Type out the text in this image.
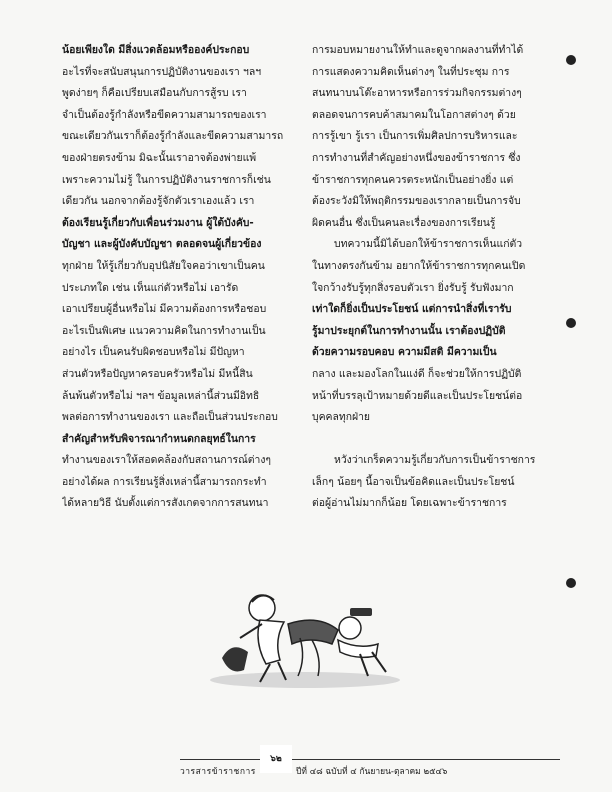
น้อยเพียงใด มีสิ่งแวดล้อมหรือองค์ประกอบ
อะไรที่จะสนับสนุนการปฏิบัติงานของเรา ฯลฯ
พูดง่ายๆ ก็คือเปรียบเสมือนกับการสู้รบ เรา
จำเป็นต้องรู้กำลังหรือขีดความสามารถของเรา
ขณะเดียวกันเราก็ต้องรู้กำลังและขีดความสามารถ
ของฝ่ายตรงข้าม มิฉะนั้นเราอาจต้องพ่ายแพ้
เพราะความไม่รู้ ในการปฏิบัติงานราชการก็เช่น
เดียวกัน นอกจากต้องรู้จักตัวเราเองแล้ว เรา
ต้องเรียนรู้เกี่ยวกับเพื่อนร่วมงาน ผู้ใต้บังคับ-
บัญชา และผู้บังคับบัญชา ตลอดจนผู้เกี่ยวข้อง
ทุกฝ่าย ให้รู้เกี่ยวกับอุปนิสัยใจคอว่าเขาเป็นคน
ประเภทใด เช่น เห็นแก่ตัวหรือไม่ เอารัด
เอาเปรียบผู้อื่นหรือไม่ มีความต้องการหรือชอบ
อะไรเป็นพิเศษ แนวความคิดในการทำงานเป็น
อย่างไร เป็นคนรับผิดชอบหรือไม่ มีปัญหา
ส่วนตัวหรือปัญหาครอบครัวหรือไม่ มีหนี้สิน
ล้นพ้นตัวหรือไม่ ฯลฯ ข้อมูลเหล่านี้ส่วนมีอิทธิ
พลต่อการทำงานของเรา และถือเป็นส่วนประกอบ
สำคัญสำหรับพิจารณากำหนดกลยุทธ์ในการ
ทำงานของเราให้สอดคล้องกับสถานการณ์ต่างๆ
อย่างได้ผล การเรียนรู้สิ่งเหล่านี้สามารถกระทำ
ได้หลายวิธี นับตั้งแต่การสังเกตจากการสนทนา
การมอบหมายงานให้ทำและดูจากผลงานที่ทำได้
การแสดงความคิดเห็นต่างๆ ในที่ประชุม การ
สนทนาบนโต๊ะอาหารหรือการร่วมกิจกรรมต่างๆ
ตลอดจนการคบค้าสมาคมในโอกาสต่างๆ ด้วย
การรู้เขา รู้เรา เป็นการเพิ่มศิลปการบริหารและ
การทำงานที่สำคัญอย่างหนึ่งของข้าราชการ ซึ่ง
ข้าราชการทุกคนควรตระหนักเป็นอย่างยิ่ง แต่
ต้องระวังมิให้พฤติกรรมของเรากลายเป็นการจับ
ผิดคนอื่น ซึ่งเป็นคนละเรื่องของการเรียนรู้
บทความนี้มิได้บอกให้ข้าราชการเห็นแก่ตัว
ในทางตรงกันข้าม อยากให้ข้าราชการทุกคนเปิด
ใจกว้างรับรู้ทุกสิ่งรอบตัวเรา ยิ่งรับรู้ รับฟังมาก
เท่าใดก็ยิ่งเป็นประโยชน์ แต่การนำสิ่งที่เรารับ
รู้มาประยุกต์ในการทำงานนั้น เราต้องปฏิบัติ
ด้วยความรอบคอบ ความมีสติ มีความเป็น
กลาง และมองโลกในแง่ดี ก็จะช่วยให้การปฏิบัติ
หน้าที่บรรลุเป้าหมายด้วยดีและเป็นประโยชน์ต่อ
บุคคลทุกฝ่าย
หวังว่าเกร็ดความรู้เกี่ยวกับการเป็นข้าราชการ
เล็กๆ น้อยๆ นี้อาจเป็นข้อคิดและเป็นประโยชน์
ต่อผู้อ่านไม่มากก็น้อย โดยเฉพาะข้าราชการ
วารสารข้าราชการ	ปีที่ ๔๘ ฉบับที่ ๔ กันยายน-ตุลาคม ๒๕๔๖
๖๒
